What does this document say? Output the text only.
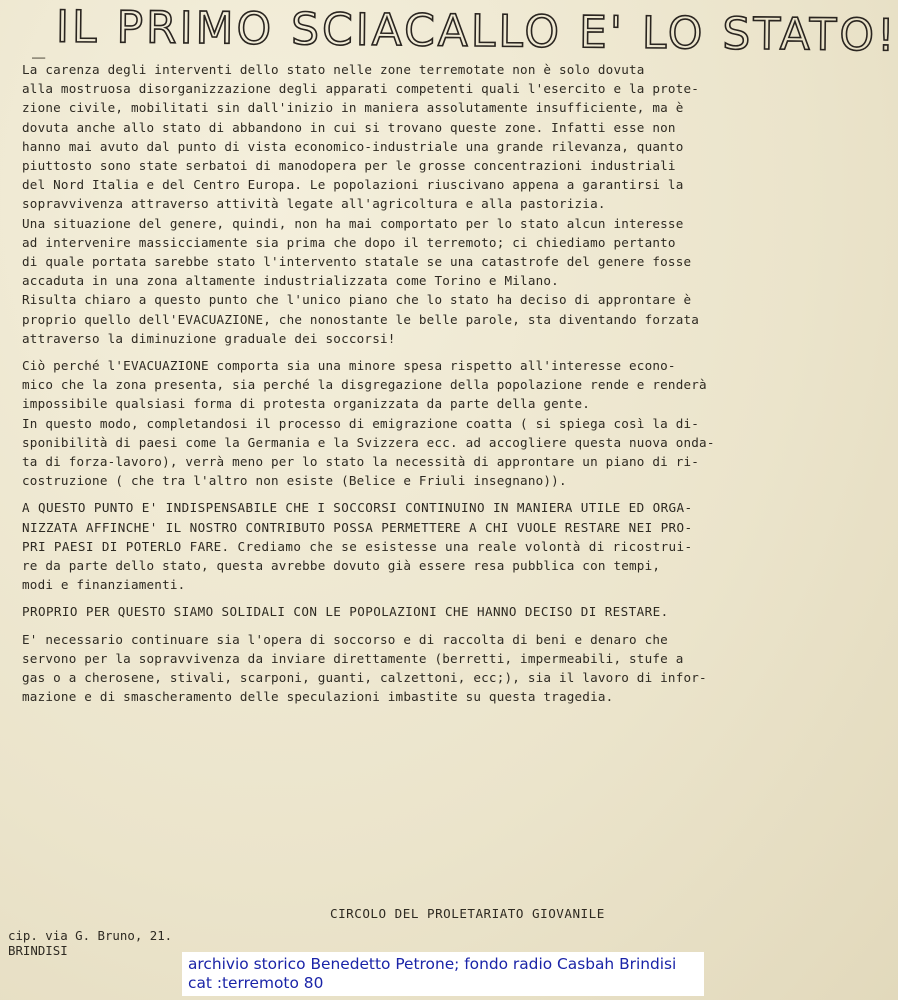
_ IL PRIMO SCIACALLO E' LO STATO!
La carenza degli interventi dello stato nelle zone terremotate non è solo dovuta
alla mostruosa disorganizzazione degli apparati competenti quali l'esercito e la prote-
zione civile, mobilitati sin dall'inizio in maniera assolutamente insufficiente, ma è
dovuta anche allo stato di abbandono in cui si trovano queste zone. Infatti esse non
hanno mai avuto dal punto di vista economico-industriale una grande rilevanza, quanto
piuttosto sono state serbatoi di manodopera per le grosse concentrazioni industriali
del Nord Italia e del Centro Europa. Le popolazioni riuscivano appena a garantirsi la
sopravvivenza attraverso attività legate all'agricoltura e alla pastorizia.
Una situazione del genere, quindi, non ha mai comportato per lo stato alcun interesse
ad intervenire massicciamente sia prima che dopo il terremoto; ci chiediamo pertanto
di quale portata sarebbe stato l'intervento statale se una catastrofe del genere fosse
accaduta in una zona altamente industrializzata come Torino e Milano.
Risulta chiaro a questo punto che l'unico piano che lo stato ha deciso di approntare è
proprio quello dell'EVACUAZIONE, che nonostante le belle parole, sta diventando forzata
attraverso la diminuzione graduale dei soccorsi!
Ciò perché l'EVACUAZIONE comporta sia una minore spesa rispetto all'interesse econo-
mico che la zona presenta, sia perché la disgregazione della popolazione rende e renderà
impossibile qualsiasi forma di protesta organizzata da parte della gente.
In questo modo, completandosi il processo di emigrazione coatta ( si spiega così la di-
sponibilità di paesi come la Germania e la Svizzera ecc. ad accogliere questa nuova onda-
ta di forza-lavoro), verrà meno per lo stato la necessità di approntare un piano di ri-
costruzione ( che tra l'altro non esiste (Belice e Friuli insegnano)).
A QUESTO PUNTO E' INDISPENSABILE CHE I SOCCORSI CONTINUINO IN MANIERA UTILE ED ORGA-
NIZZATA AFFINCHE' IL NOSTRO CONTRIBUTO POSSA PERMETTERE A CHI VUOLE RESTARE NEI PRO-
PRI PAESI DI POTERLO FARE. Crediamo che se esistesse una reale volontà di ricostrui-
re da parte dello stato, questa avrebbe dovuto già essere resa pubblica con tempi,
modi e finanziamenti.
PROPRIO PER QUESTO SIAMO SOLIDALI CON LE POPOLAZIONI CHE HANNO DECISO DI RESTARE.
E' necessario continuare sia l'opera di soccorso e di raccolta di beni e denaro che
servono per la sopravvivenza da inviare direttamente (berretti, impermeabili, stufe a
gas o a cherosene, stivali, scarponi, guanti, calzettoni, ecc;), sia il lavoro di infor-
mazione e di smascheramento delle speculazioni imbastite su questa tragedia.
CIRCOLO DEL PROLETARIATO GIOVANILE
cip. via G. Bruno, 21.
BRINDISI
archivio storico Benedetto Petrone; fondo radio Casbah Brindisi
cat :terremoto 80
